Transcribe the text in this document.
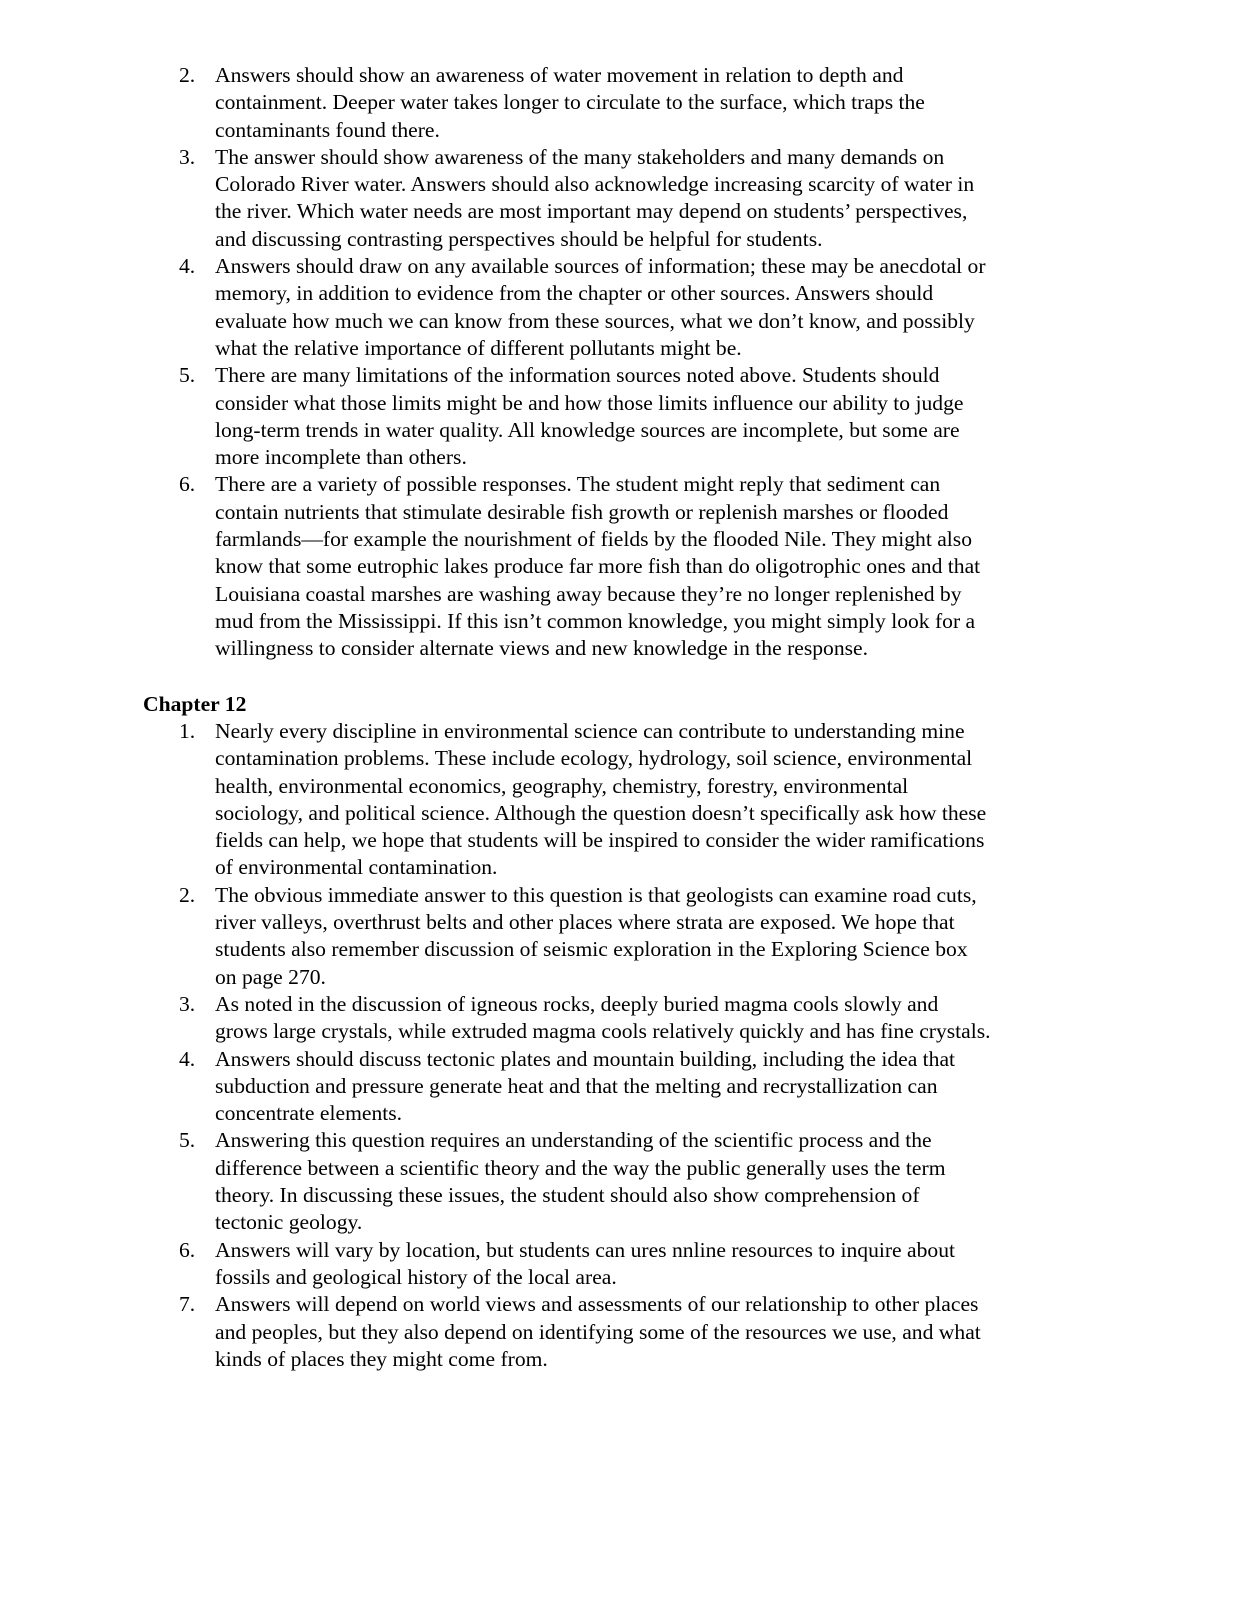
2. Answers should show an awareness of water movement in relation to depth and
containment. Deeper water takes longer to circulate to the surface, which traps the
contaminants found there.
3. The answer should show awareness of the many stakeholders and many demands on
Colorado River water. Answers should also acknowledge increasing scarcity of water in
the river. Which water needs are most important may depend on students’ perspectives,
and discussing contrasting perspectives should be helpful for students.
4. Answers should draw on any available sources of information; these may be anecdotal or
memory, in addition to evidence from the chapter or other sources. Answers should
evaluate how much we can know from these sources, what we don’t know, and possibly
what the relative importance of different pollutants might be.
5. There are many limitations of the information sources noted above. Students should
consider what those limits might be and how those limits influence our ability to judge
long-term trends in water quality. All knowledge sources are incomplete, but some are
more incomplete than others.
6. There are a variety of possible responses. The student might reply that sediment can
contain nutrients that stimulate desirable fish growth or replenish marshes or flooded
farmlands—for example the nourishment of fields by the flooded Nile. They might also
know that some eutrophic lakes produce far more fish than do oligotrophic ones and that
Louisiana coastal marshes are washing away because they’re no longer replenished by
mud from the Mississippi. If this isn’t common knowledge, you might simply look for a
willingness to consider alternate views and new knowledge in the response.
Chapter 12
1. Nearly every discipline in environmental science can contribute to understanding mine
contamination problems. These include ecology, hydrology, soil science, environmental
health, environmental economics, geography, chemistry, forestry, environmental
sociology, and political science. Although the question doesn’t specifically ask how these
fields can help, we hope that students will be inspired to consider the wider ramifications
of environmental contamination.
2. The obvious immediate answer to this question is that geologists can examine road cuts,
river valleys, overthrust belts and other places where strata are exposed. We hope that
students also remember discussion of seismic exploration in the Exploring Science box
on page 270.
3. As noted in the discussion of igneous rocks, deeply buried magma cools slowly and
grows large crystals, while extruded magma cools relatively quickly and has fine crystals.
4. Answers should discuss tectonic plates and mountain building, including the idea that
subduction and pressure generate heat and that the melting and recrystallization can
concentrate elements.
5. Answering this question requires an understanding of the scientific process and the
difference between a scientific theory and the way the public generally uses the term
theory. In discussing these issues, the student should also show comprehension of
tectonic geology.
6. Answers will vary by location, but students can ures nnline resources to inquire about
fossils and geological history of the local area.
7. Answers will depend on world views and assessments of our relationship to other places
and peoples, but they also depend on identifying some of the resources we use, and what
kinds of places they might come from.
